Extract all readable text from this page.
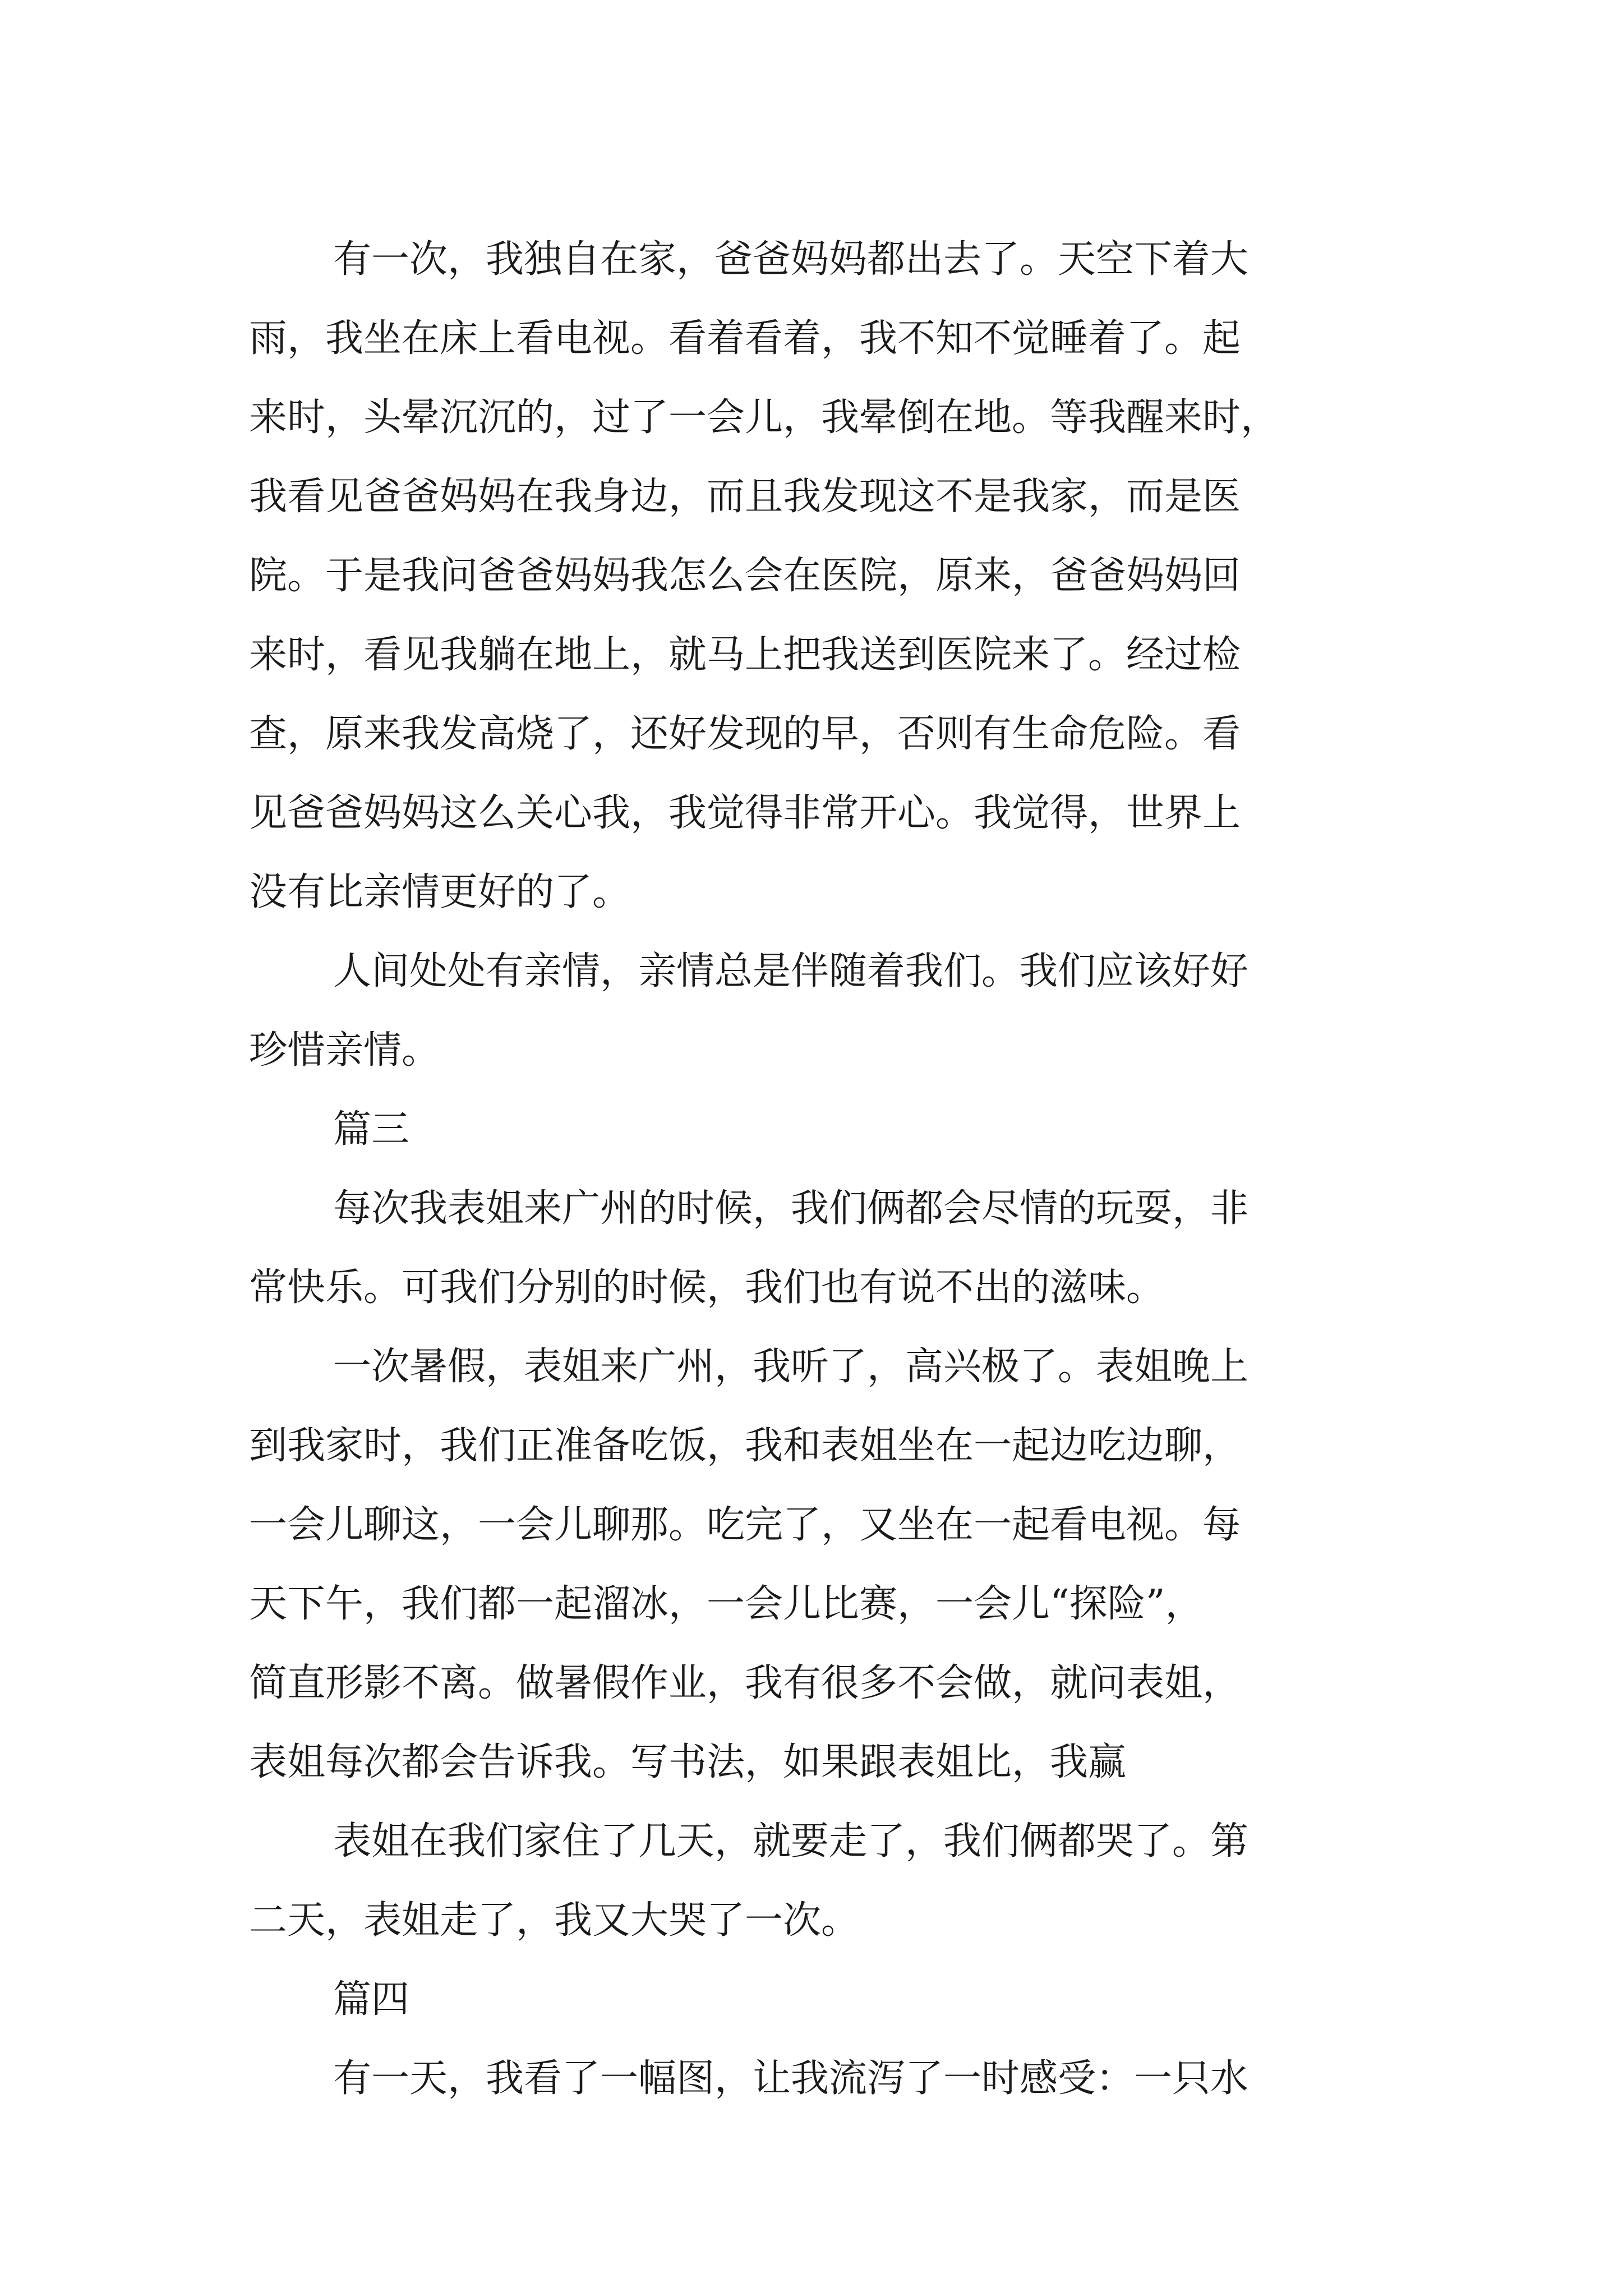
有一次，我独自在家，爸爸妈妈都出去了。天空下着大
雨，我坐在床上看电视。看着看着，我不知不觉睡着了。起
来时，头晕沉沉的，过了一会儿，我晕倒在地。等我醒来时，
我看见爸爸妈妈在我身边，而且我发现这不是我家，而是医
院。于是我问爸爸妈妈我怎么会在医院，原来，爸爸妈妈回
来时，看见我躺在地上，就马上把我送到医院来了。经过检
查，原来我发高烧了，还好发现的早，否则有生命危险。看
见爸爸妈妈这么关心我，我觉得非常开心。我觉得，世界上
没有比亲情更好的了。
人间处处有亲情，亲情总是伴随着我们。我们应该好好
珍惜亲情。
篇三
每次我表姐来广州的时候，我们俩都会尽情的玩耍，非
常快乐。可我们分别的时候，我们也有说不出的滋味。
一次暑假，表姐来广州，我听了，高兴极了。表姐晚上
到我家时，我们正准备吃饭，我和表姐坐在一起边吃边聊，
一会儿聊这，一会儿聊那。吃完了，又坐在一起看电视。每
天下午，我们都一起溜冰，一会儿比赛，一会儿“探险”，
简直形影不离。做暑假作业，我有很多不会做，就问表姐，
表姐每次都会告诉我。写书法，如果跟表姐比，我赢
表姐在我们家住了几天，就要走了，我们俩都哭了。第
二天，表姐走了，我又大哭了一次。
篇四
有一天，我看了一幅图，让我流泻了一时感受：一只水
